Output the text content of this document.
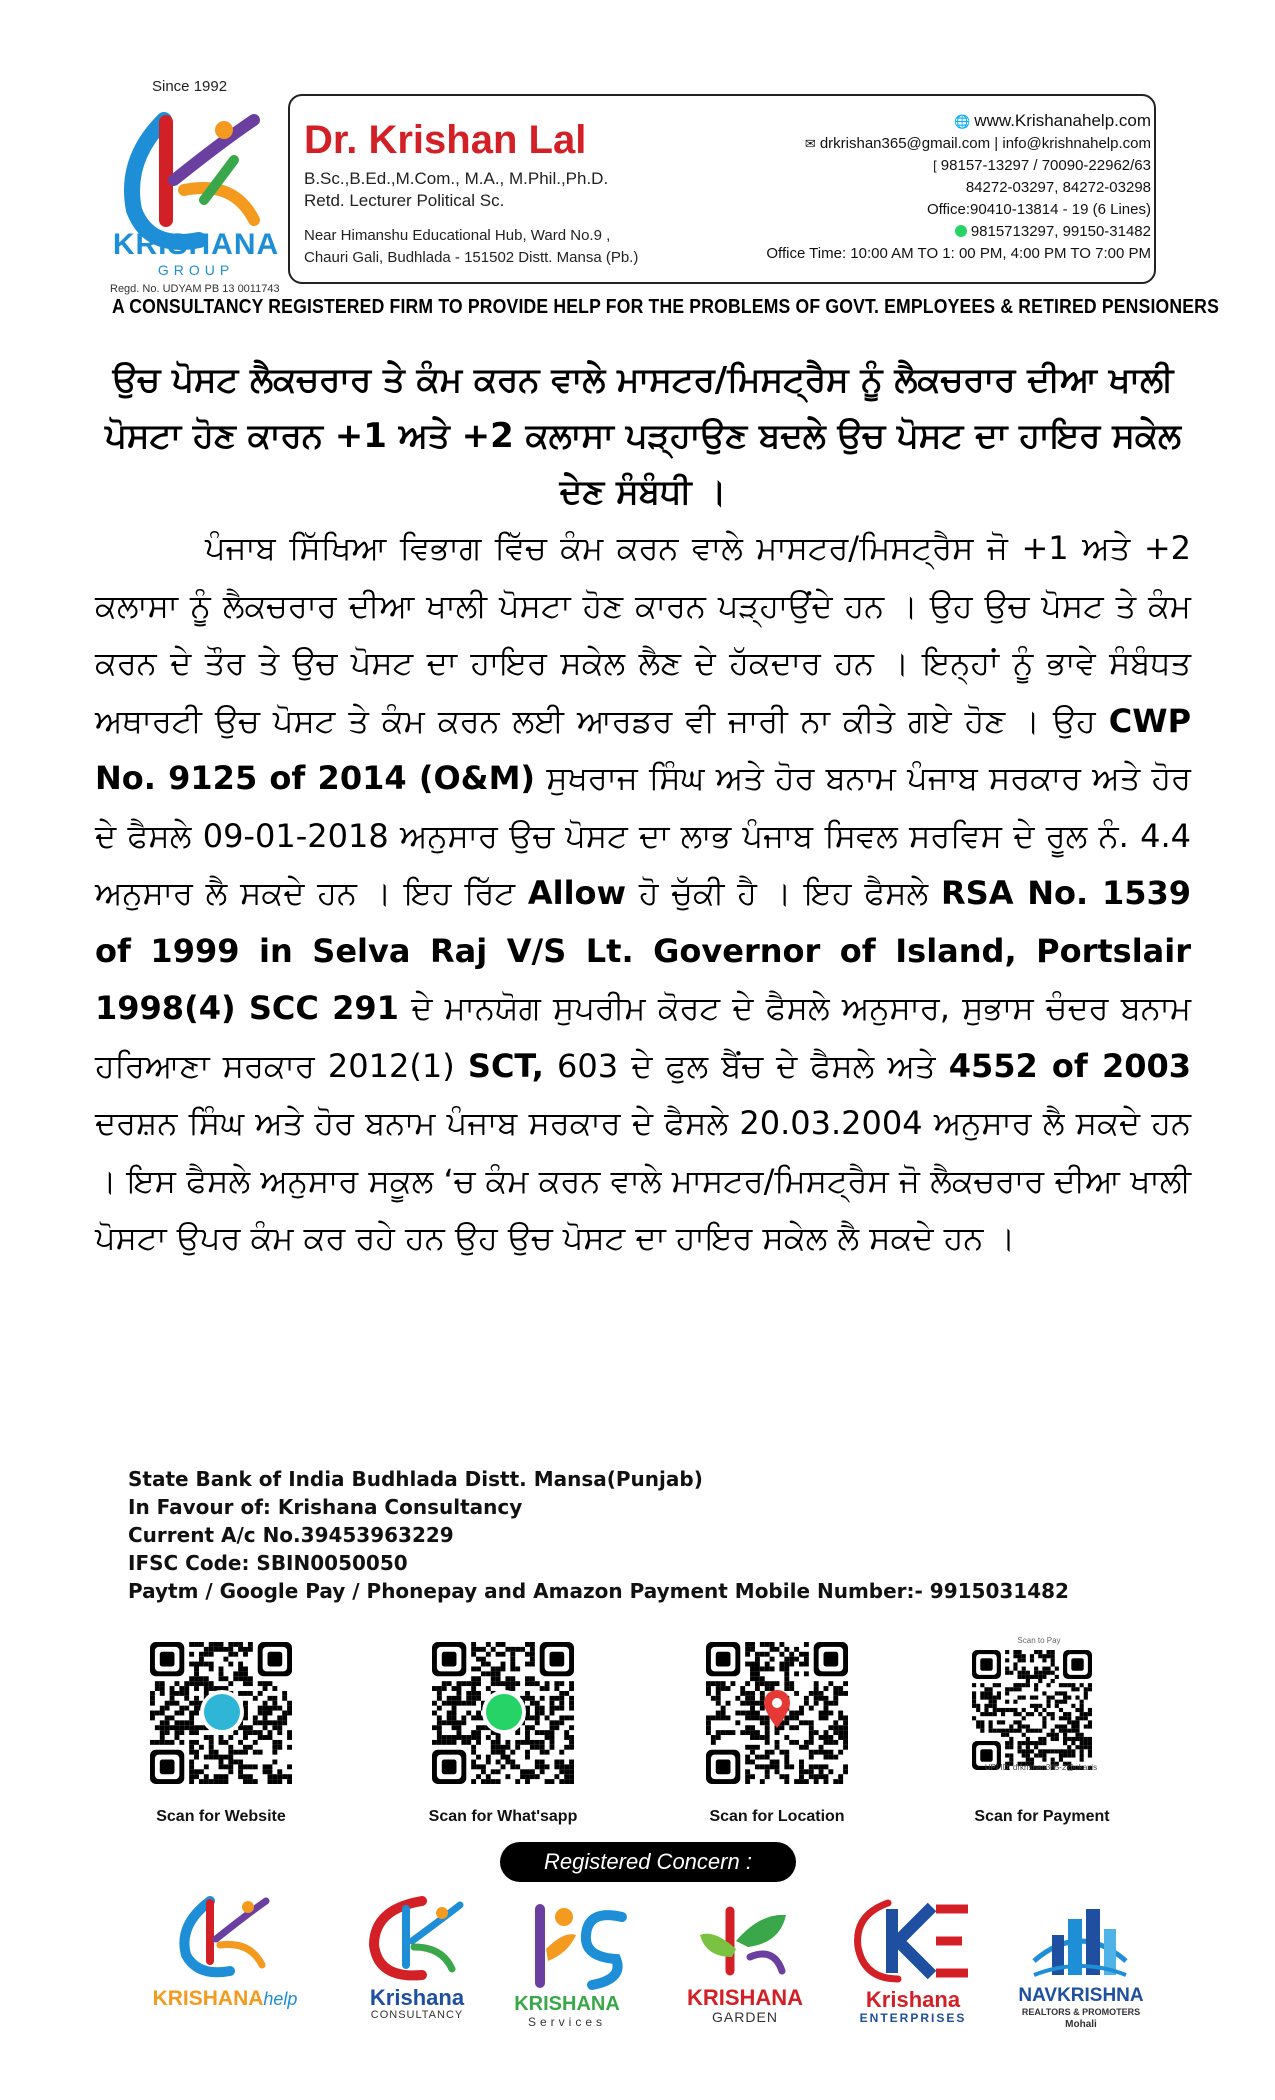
Since 1992
KRISHANA
GROUP
Regd. No. UDYAM PB 13 0011743
Dr. Krishan Lal
B.Sc.,B.Ed.,M.Com., M.A., M.Phil.,Ph.D.
Retd. Lecturer Political Sc.
Near Himanshu Educational Hub, Ward No.9 ,
Chauri Gali, Budhlada - 151502 Distt. Mansa (Pb.)
🌐 www.Krishanahelp.com
✉ drkrishan365@gmail.com | info@krishnahelp.com
[ 98157-13297 / 70090-22962/63
84272-03297, 84272-03298
Office:90410-13814 - 19 (6 Lines)
9815713297, 99150-31482
Office Time: 10:00 AM TO 1: 00 PM, 4:00 PM TO 7:00 PM
A CONSULTANCY REGISTERED FIRM TO PROVIDE HELP FOR THE PROBLEMS OF GOVT. EMPLOYEES & RETIRED PENSIONERS
ਉਚ ਪੋਸਟ ਲੈਕਚਰਾਰ ਤੇ ਕੰਮ ਕਰਨ ਵਾਲੇ ਮਾਸਟਰ/ਮਿਸਟ੍ਰੈਸ ਨੂੰ ਲੈਕਚਰਾਰ ਦੀਆ ਖਾਲੀ ਪੋਸਟਾ ਹੋਣ ਕਾਰਨ +1 ਅਤੇ +2 ਕਲਾਸਾ ਪੜ੍ਹਾਉਣ ਬਦਲੇ ਉਚ ਪੋਸਟ ਦਾ ਹਾਇਰ ਸਕੇਲ ਦੇਣ ਸੰਬੰਧੀ ।
ਪੰਜਾਬ ਸਿੱਖਿਆ ਵਿਭਾਗ ਵਿੱਚ ਕੰਮ ਕਰਨ ਵਾਲੇ ਮਾਸਟਰ/ਮਿਸਟ੍ਰੈਸ ਜੋ +1 ਅਤੇ +2 ਕਲਾਸਾ ਨੂੰ ਲੈਕਚਰਾਰ ਦੀਆ ਖਾਲੀ ਪੋਸਟਾ ਹੋਣ ਕਾਰਨ ਪੜ੍ਹਾਉਂਦੇ ਹਨ । ਉਹ ਉਚ ਪੋਸਟ ਤੇ ਕੰਮ ਕਰਨ ਦੇ ਤੌਰ ਤੇ ਉਚ ਪੋਸਟ ਦਾ ਹਾਇਰ ਸਕੇਲ ਲੈਣ ਦੇ ਹੱਕਦਾਰ ਹਨ । ਇਨ੍ਹਾਂ ਨੂੰ ਭਾਵੇ ਸੰਬੰਧਤ ਅਥਾਰਟੀ ਉਚ ਪੋਸਟ ਤੇ ਕੰਮ ਕਰਨ ਲਈ ਆਰਡਰ ਵੀ ਜਾਰੀ ਨਾ ਕੀਤੇ ਗਏ ਹੋਣ । ਉਹ CWP No. 9125 of 2014 (O&M) ਸੁਖਰਾਜ ਸਿੰਘ ਅਤੇ ਹੋਰ ਬਨਾਮ ਪੰਜਾਬ ਸਰਕਾਰ ਅਤੇ ਹੋਰ ਦੇ ਫੈਸਲੇ 09-01-2018 ਅਨੁਸਾਰ ਉਚ ਪੋਸਟ ਦਾ ਲਾਭ ਪੰਜਾਬ ਸਿਵਲ ਸਰਵਿਸ ਦੇ ਰੂਲ ਨੰ. 4.4 ਅਨੁਸਾਰ ਲੈ ਸਕਦੇ ਹਨ । ਇਹ ਰਿੱਟ Allow ਹੋ ਚੁੱਕੀ ਹੈ । ਇਹ ਫੈਸਲੇ RSA No. 1539 of 1999 in Selva Raj V/S Lt. Governor of Island, Portslair 1998(4) SCC 291 ਦੇ ਮਾਨਯੋਗ ਸੁਪਰੀਮ ਕੋਰਟ ਦੇ ਫੈਸਲੇ ਅਨੁਸਾਰ, ਸੁਭਾਸ ਚੰਦਰ ਬਨਾਮ ਹਰਿਆਣਾ ਸਰਕਾਰ 2012(1) SCT, 603 ਦੇ ਫੁਲ ਬੈਂਚ ਦੇ ਫੈਸਲੇ ਅਤੇ 4552 of 2003 ਦਰਸ਼ਨ ਸਿੰਘ ਅਤੇ ਹੋਰ ਬਨਾਮ ਪੰਜਾਬ ਸਰਕਾਰ ਦੇ ਫੈਸਲੇ 20.03.2004 ਅਨੁਸਾਰ ਲੈ ਸਕਦੇ ਹਨ । ਇਸ ਫੈਸਲੇ ਅਨੁਸਾਰ ਸਕੂਲ ‘ਚ ਕੰਮ ਕਰਨ ਵਾਲੇ ਮਾਸਟਰ/ਮਿਸਟ੍ਰੈਸ ਜੋ ਲੈਕਚਰਾਰ ਦੀਆ ਖਾਲੀ ਪੋਸਟਾ ਉਪਰ ਕੰਮ ਕਰ ਰਹੇ ਹਨ ਉਹ ਉਚ ਪੋਸਟ ਦਾ ਹਾਇਰ ਸਕੇਲ ਲੈ ਸਕਦੇ ਹਨ ।
State Bank of India Budhlada Distt. Mansa(Punjab)
In Favour of: Krishana Consultancy
Current A/c No.39453963229
IFSC Code: SBIN0050050
Paytm / Google Pay / Phonepay and Amazon Payment Mobile Number:- 9915031482
Scan to Pay
UPI ID: drkrishan365-2@okaxis
Scan for Website	Scan for What'sapp	Scan for Location	Scan for Payment
Registered Concern :
KRISHANAhelp	Krishana
CONSULTANCY	KRISHANA
Services
KRISHANA
GARDEN
Krishana
ENTERPRISES
NAVKRISHNA
REALTORS & PROMOTERS
Mohali
